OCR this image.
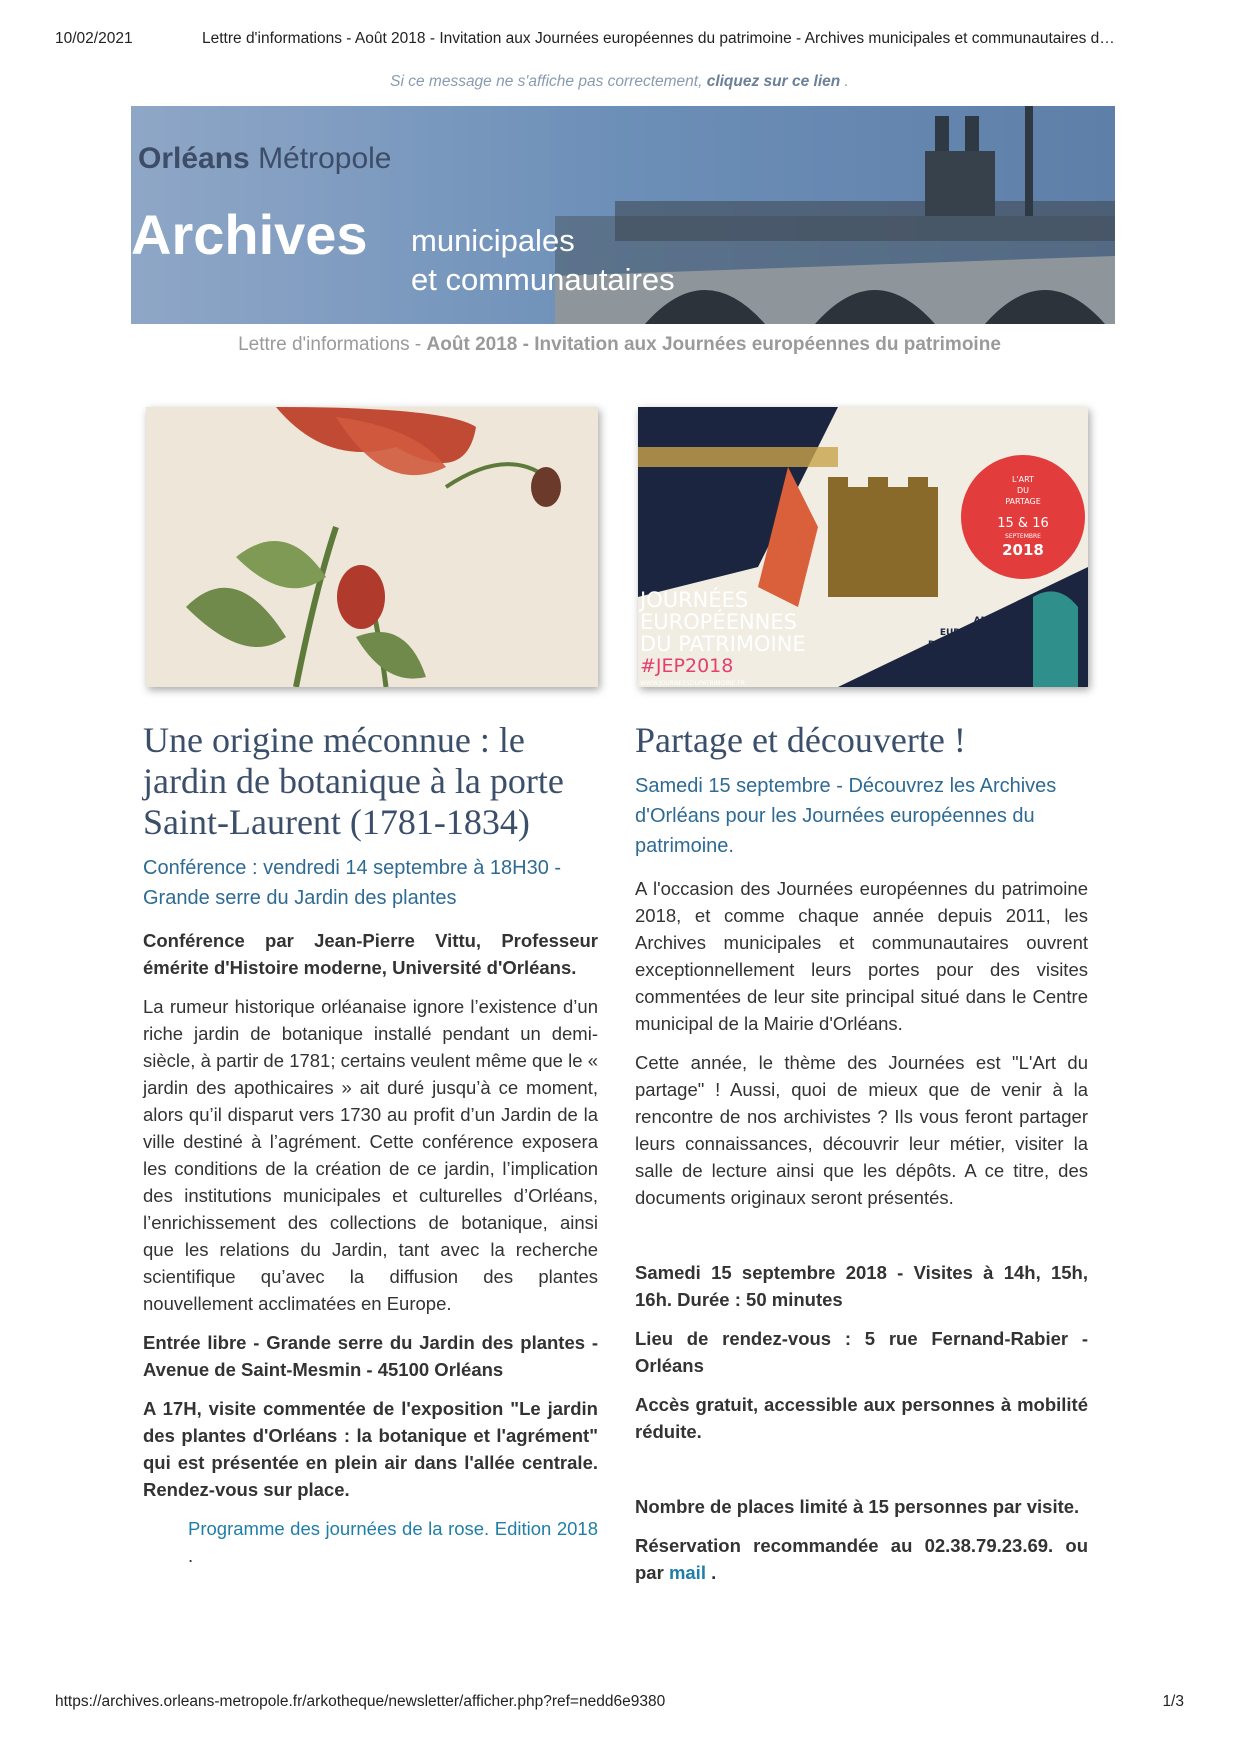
10/02/2021	Lettre d'informations - Août 2018 - Invitation aux Journées européennes du patrimoine - Archives municipales et communautaires d…
Si ce message ne s'affiche pas correctement, cliquez sur ce lien .
Orléans Métropole
Archives municipales
et communautaires
Lettre d'informations - Août 2018 - Invitation aux Journées européennes du patrimoine
L'ART
DU
PARTAGE
15 & 16
SEPTEMBRE
2018
ANNÉE
EUROPÉENNE
DU PATRIMOINE
CULTUREL 2018
JOURNÉES
EUROPÉENNES
DU PATRIMOINE
#JEP2018
WWW.JOURNEESDUPATRIMOINE.FR
Une origine méconnue : le jardin de botanique à la porte Saint-Laurent (1781-1834)

Conférence : vendredi 14 septembre à 18H30 - Grande serre du Jardin des plantes

Conférence par Jean-Pierre Vittu, Professeur émérite d'Histoire moderne, Université d'Orléans.

La rumeur historique orléanaise ignore l’existence d’un riche jardin de botanique installé pendant un demi-siècle, à partir de 1781; certains veulent même que le « jardin des apothicaires » ait duré jusqu’à ce moment, alors qu’il disparut vers 1730 au profit d’un Jardin de la ville destiné à l’agrément. Cette conférence exposera les conditions de la création de ce jardin, l’implication des institutions municipales et culturelles d’Orléans, l’enrichissement des collections de botanique, ainsi que les relations du Jardin, tant avec la recherche scientifique qu’avec la diffusion des plantes nouvellement acclimatées en Europe.

Entrée libre - Grande serre du Jardin des plantes - Avenue de Saint-Mesmin - 45100 Orléans

A 17H, visite commentée de l'exposition "Le jardin des plantes d'Orléans : la botanique et l'agrément" qui est présentée en plein air dans l'allée centrale. Rendez-vous sur place.

Programme des journées de la rose. Edition 2018 .

Partage et découverte !

Samedi 15 septembre - Découvrez les Archives d'Orléans pour les Journées européennes du patrimoine.

A l'occasion des Journées européennes du patrimoine 2018, et comme chaque année depuis 2011, les Archives municipales et communautaires ouvrent exceptionnellement leurs portes pour des visites commentées de leur site principal situé dans le Centre municipal de la Mairie d'Orléans.

Cette année, le thème des Journées est "L'Art du partage" ! Aussi, quoi de mieux que de venir à la rencontre de nos archivistes ? Ils vous feront partager leurs connaissances, découvrir leur métier, visiter la salle de lecture ainsi que les dépôts. A ce titre, des documents originaux seront présentés.

Samedi 15 septembre 2018 - Visites à 14h, 15h, 16h. Durée : 50 minutes

Lieu de rendez-vous : 5 rue Fernand-Rabier - Orléans

Accès gratuit, accessible aux personnes à mobilité réduite.

Nombre de places limité à 15 personnes par visite.

Réservation recommandée au 02.38.79.23.69. ou par mail .

https://archives.orleans-metropole.fr/arkotheque/newsletter/afficher.php?ref=nedd6e9380	1/3
